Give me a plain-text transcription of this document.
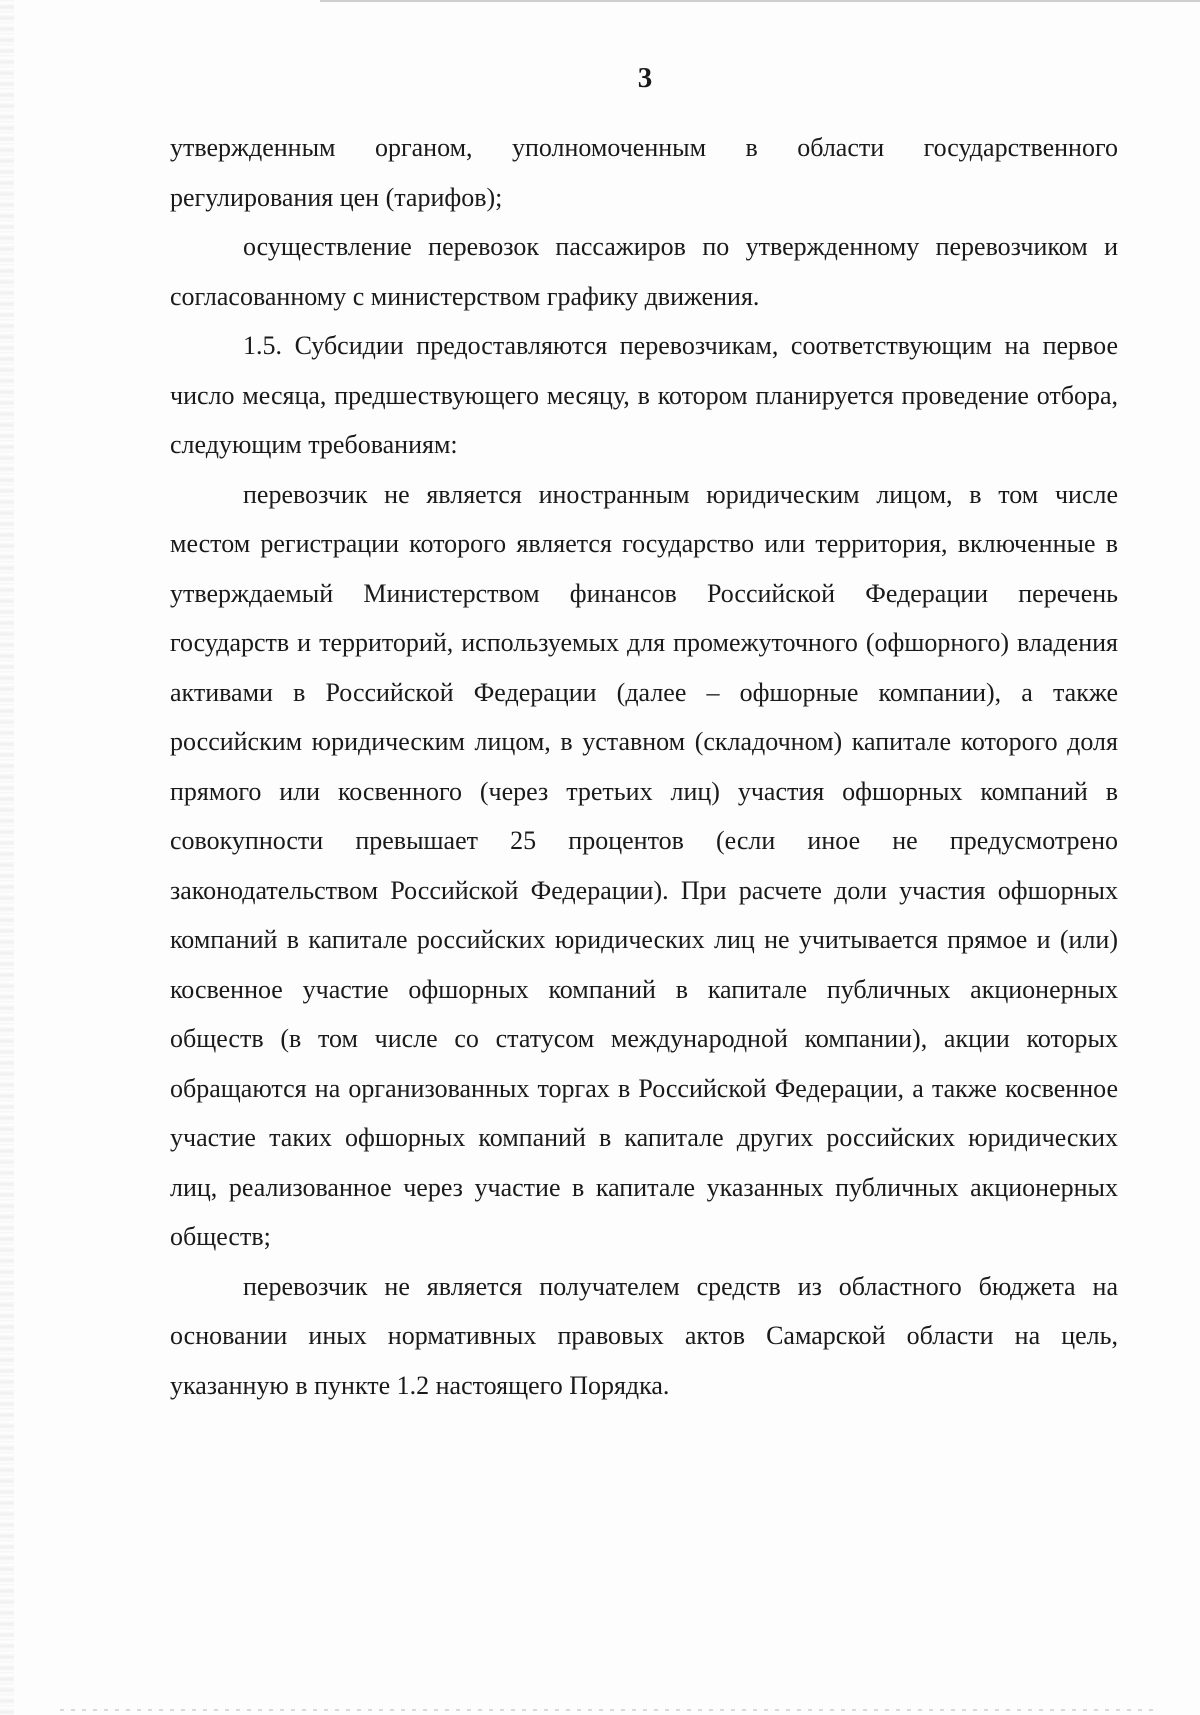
3

утвержденным органом, уполномоченным в области государственного регулирования цен (тарифов);

осуществление перевозок пассажиров по утвержденному перевозчиком и согласованному с министерством графику движения.

1.5. Субсидии предоставляются перевозчикам, соответствующим на первое число месяца, предшествующего месяцу, в котором планируется проведение отбора, следующим требованиям:

перевозчик не является иностранным юридическим лицом, в том числе местом регистрации которого является государство или территория, включенные в утверждаемый Министерством финансов Российской Федерации перечень государств и территорий, используемых для промежуточного (офшорного) владения активами в Российской Федерации (далее – офшорные компании), а также российским юридическим лицом, в уставном (складочном) капитале которого доля прямого или косвенного (через третьих лиц) участия офшорных компаний в совокупности превышает 25 процентов (если иное не предусмотрено законодательством Российской Федерации). При расчете доли участия офшорных компаний в капитале российских юридических лиц не учитывается прямое и (или) косвенное участие офшорных компаний в капитале публичных акционерных обществ (в том числе со статусом международной компании), акции которых обращаются на организованных торгах в Российской Федерации, а также косвенное участие таких офшорных компаний в капитале других российских юридических лиц, реализованное через участие в капитале указанных публичных акционерных обществ;

перевозчик не является получателем средств из областного бюджета на основании иных нормативных правовых актов Самарской области на цель, указанную в пункте 1.2 настоящего Порядка.
